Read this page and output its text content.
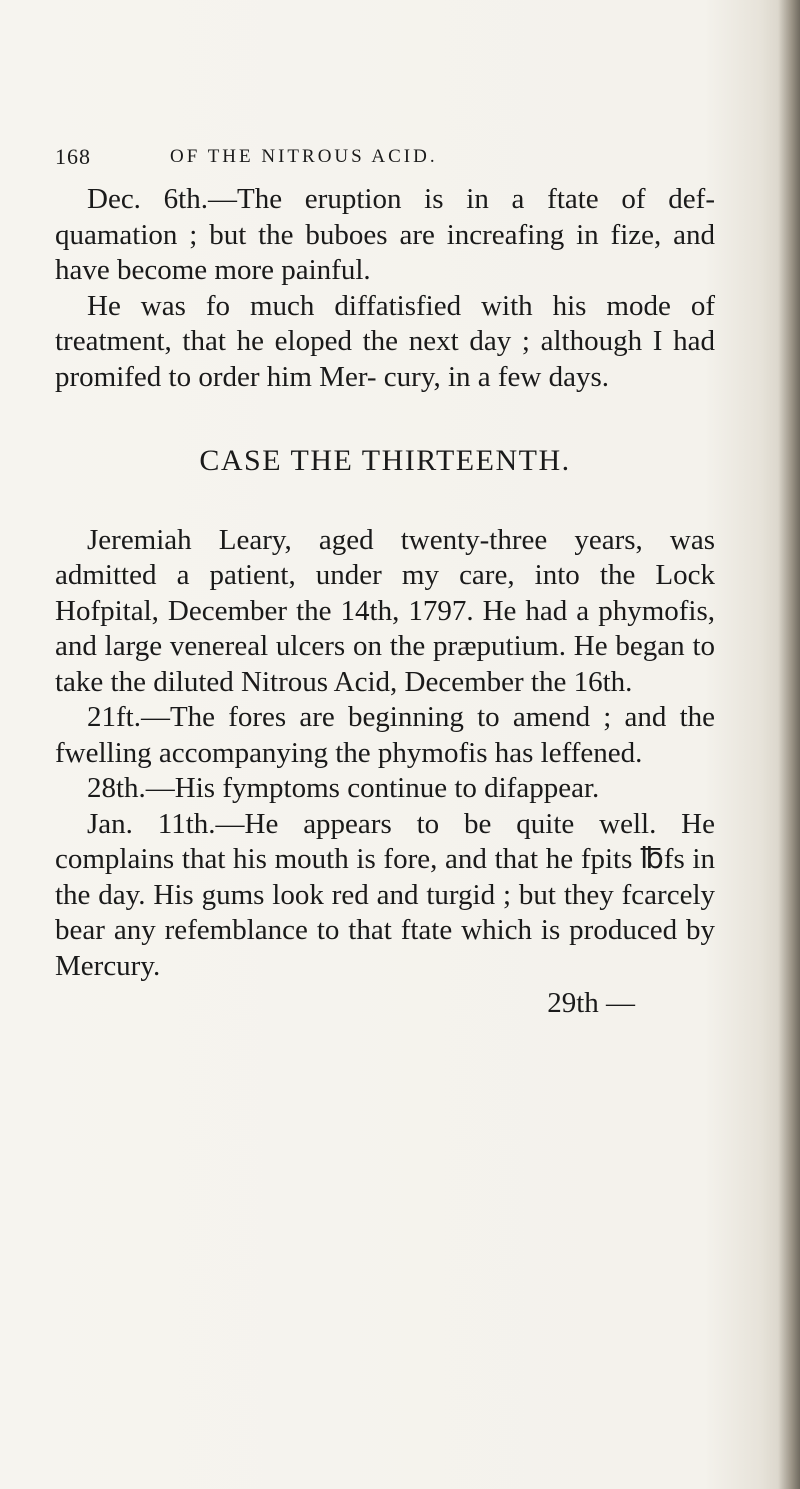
168	OF THE NITROUS ACID.

Dec. 6th.—The eruption is in a ftate of def- quamation ; but the buboes are increafing in fize, and have become more painful.

He was fo much diffatisfied with his mode of treatment, that he eloped the next day ; although I had promifed to order him Mer- cury, in a few days.

CASE THE THIRTEENTH.

Jeremiah Leary, aged twenty-three years, was admitted a patient, under my care, into the Lock Hofpital, December the 14th, 1797. He had a phymofis, and large venereal ulcers on the præputium. He began to take the diluted Nitrous Acid, December the 16th.

21ft.—The fores are beginning to amend ; and the fwelling accompanying the phymofis has leffened.

28th.—His fymptoms continue to difappear.

Jan. 11th.—He appears to be quite well. He complains that his mouth is fore, and that he fpits ℔fs in the day. His gums look red and turgid ; but they fcarcely bear any refemblance to that ftate which is produced by Mercury.

29th —
